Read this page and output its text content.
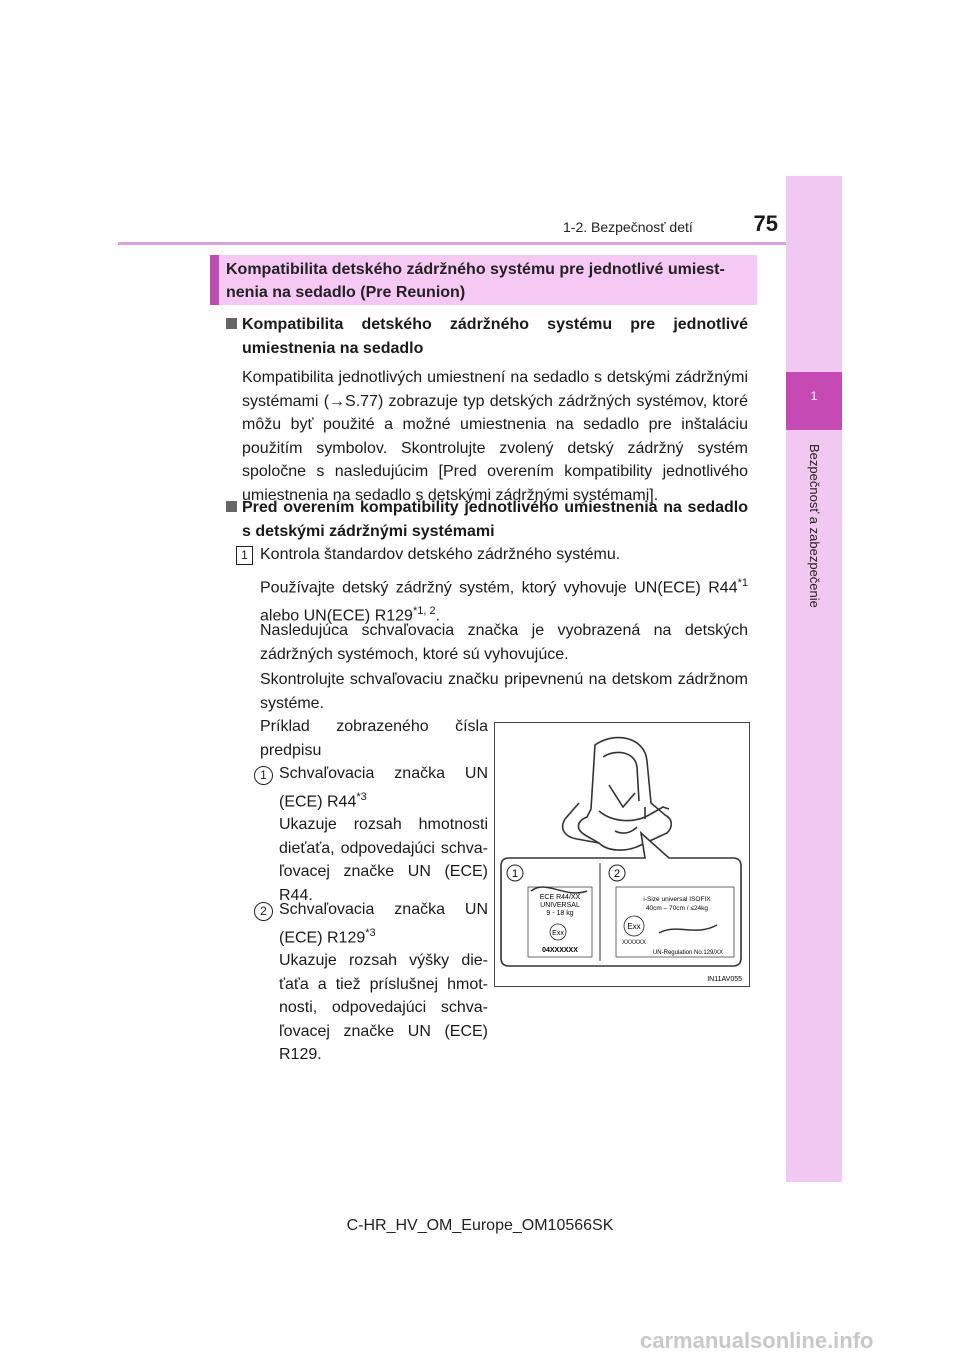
1-2. Bezpečnosť detí	75
1
Bezpečnosť a zabezpečenie
Kompatibilita detského zádržného systému pre jednotlivé umiestnenia na sedadlo (Pre Reunion)
Kompatibilita detského zádržného systému pre jednotlivé umiestnenia na sedadlo
Kompatibilita jednotlivých umiestnení na sedadlo s detskými zádržnými systémami (→S.77) zobrazuje typ detských zádržných systémov, ktoré môžu byť použité a možné umiestnenia na sedadlo pre inštaláciu použitím symbolov. Skontrolujte zvolený detský zádržný systém spoločne s nasledujúcim [Pred overením kompatibility jednotlivého umiestnenia na sedadlo s detskými zádržnými systémami].
Pred overením kompatibility jednotlivého umiestnenia na sedadlo s detskými zádržnými systémami
1 Kontrola štandardov detského zádržného systému.
Používajte detský zádržný systém, ktorý vyhovuje UN(ECE) R44$^{*1}$ alebo UN(ECE) R129$^{*1, 2}$.
Nasledujúca schvaľovacia značka je vyobrazená na detských zádržných systémoch, ktoré sú vyhovujúce.
Skontrolujte schvaľovaciu značku pripevnenú na detskom zádržnom systéme.
Príklad zobrazeného čísla predpisu
1 Schvaľovacia značka UN (ECE) R44$^{*3}$
Ukazuje rozsah hmotnosti dieťaťa, odpovedajúci schvaľovacej značke UN (ECE) R44.
2 Schvaľovacia značka UN (ECE) R129$^{*3}$
Ukazuje rozsah výšky dieťaťa a tiež príslušnej hmotnosti, odpovedajúci schvaľovacej značke UN (ECE) R129.
1	2
ECE R44/XX
UNIVERSAL
9 - 18 kg
Exx
04XXXXXX
i-Size universal ISOFIX
40cm – 70cm / ≤24kg
Exx
XXXXXX
UN-Regulation No.129/XX
IN11AV055
C-HR_HV_OM_Europe_OM10566SK
carmanualsonline.info
